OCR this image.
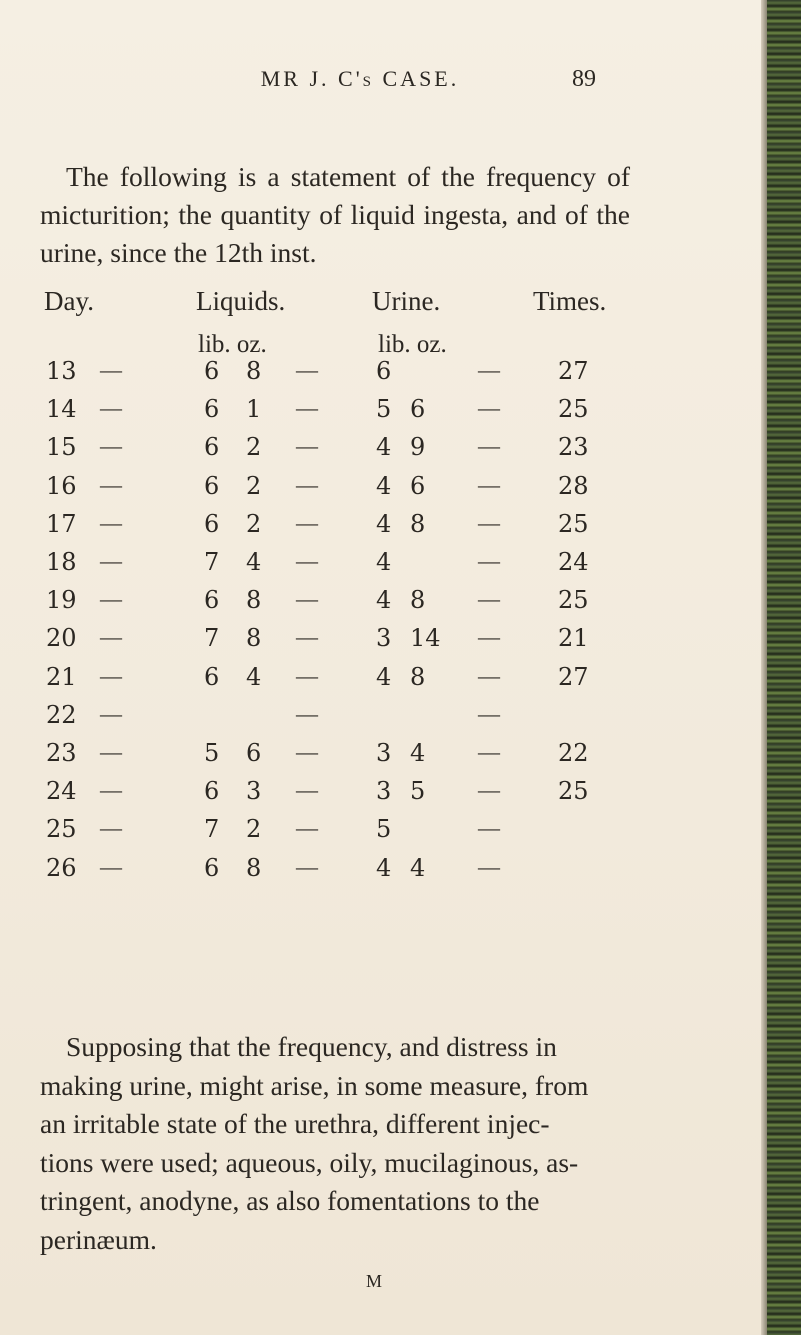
MR J. C's CASE.	89

The following is a statement of the frequency of micturition; the quantity of liquid ingesta, and of the urine, since the 12th inst.

Day.	Liquids.	Urine.	Times.
lib. oz.	lib. oz.
13 —	6 8 — 6	— 27
14 —	6 1 — 5 6 — 25
15 —	6 2 — 4 9 — 23
16 —	6 2 — 4 6 — 28
17 —	6 2 — 4 8 — 25
18 —	7 4 — 4	— 24
19 —	6 8 — 4 8 — 25
20 —	7 8 — 3 14 — 21
21 —	6 4 — 4 8 — 27
22 —	—	—
23 —	5 6 — 3 4 — 22
24 —	6 3 — 3 5 — 25
25 —	7 2 — 5	—
26 —	6 8 — 4 4 —
Supposing that the frequency, and distress in
making urine, might arise, in some measure, from
an irritable state of the urethra, different injec-
tions were used; aqueous, oily, mucilaginous, as-
tringent, anodyne, as also fomentations to the
perinæum.
M
